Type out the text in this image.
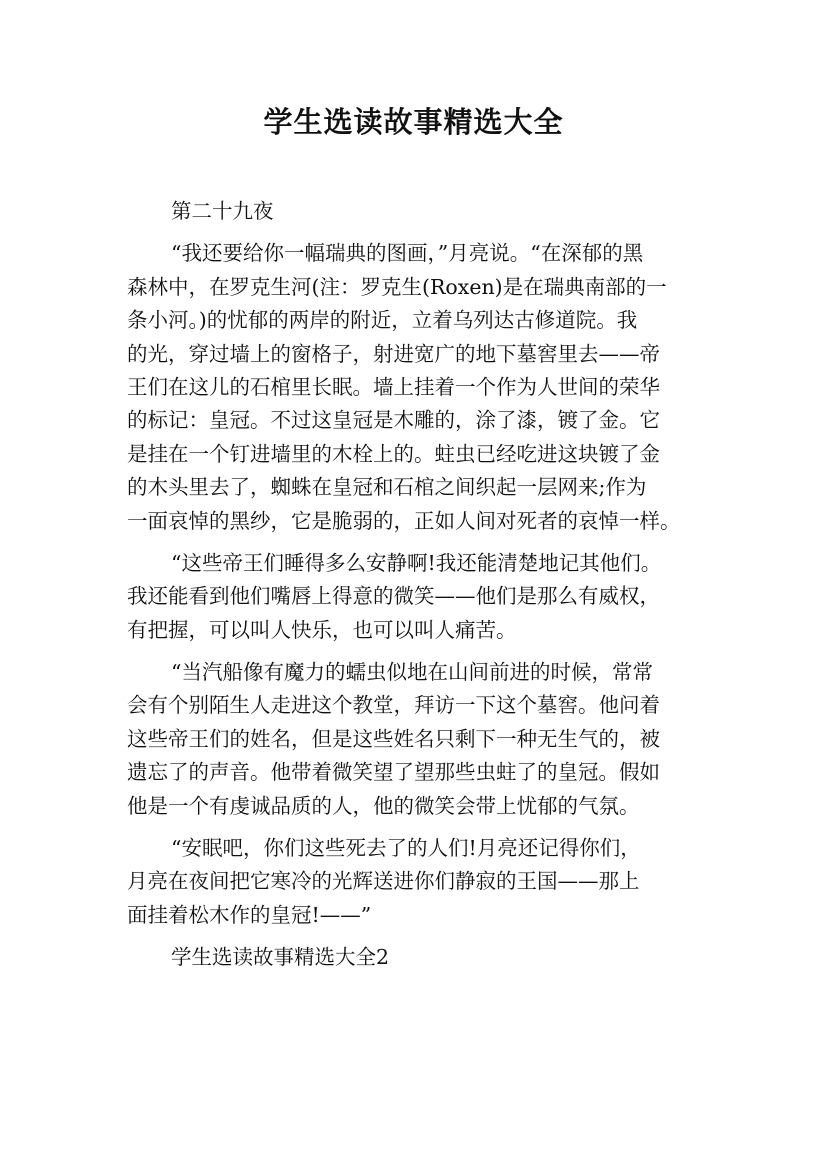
学生选读故事精选大全
第二十九夜
“我还要给你一幅瑞典的图画，”月亮说。“在深郁的黑
森林中，在罗克生河(注：罗克生(Roxen)是在瑞典南部的一
条小河。)的忧郁的两岸的附近，立着乌列达古修道院。我
的光，穿过墙上的窗格子，射进宽广的地下墓窖里去——帝
王们在这儿的石棺里长眠。墙上挂着一个作为人世间的荣华
的标记：皇冠。不过这皇冠是木雕的，涂了漆，镀了金。它
是挂在一个钉进墙里的木栓上的。蛀虫已经吃进这块镀了金
的木头里去了，蜘蛛在皇冠和石棺之间织起一层网来;作为
一面哀悼的黑纱，它是脆弱的，正如人间对死者的哀悼一样。
“这些帝王们睡得多么安静啊!我还能清楚地记其他们。
我还能看到他们嘴唇上得意的微笑——他们是那么有威权，
有把握，可以叫人快乐，也可以叫人痛苦。
“当汽船像有魔力的蠕虫似地在山间前进的时候，常常
会有个别陌生人走进这个教堂，拜访一下这个墓窖。他问着
这些帝王们的姓名，但是这些姓名只剩下一种无生气的，被
遗忘了的声音。他带着微笑望了望那些虫蛀了的皇冠。假如
他是一个有虔诚品质的人，他的微笑会带上忧郁的气氛。
“安眠吧，你们这些死去了的人们!月亮还记得你们，
月亮在夜间把它寒冷的光辉送进你们静寂的王国——那上
面挂着松木作的皇冠!——”
学生选读故事精选大全2
